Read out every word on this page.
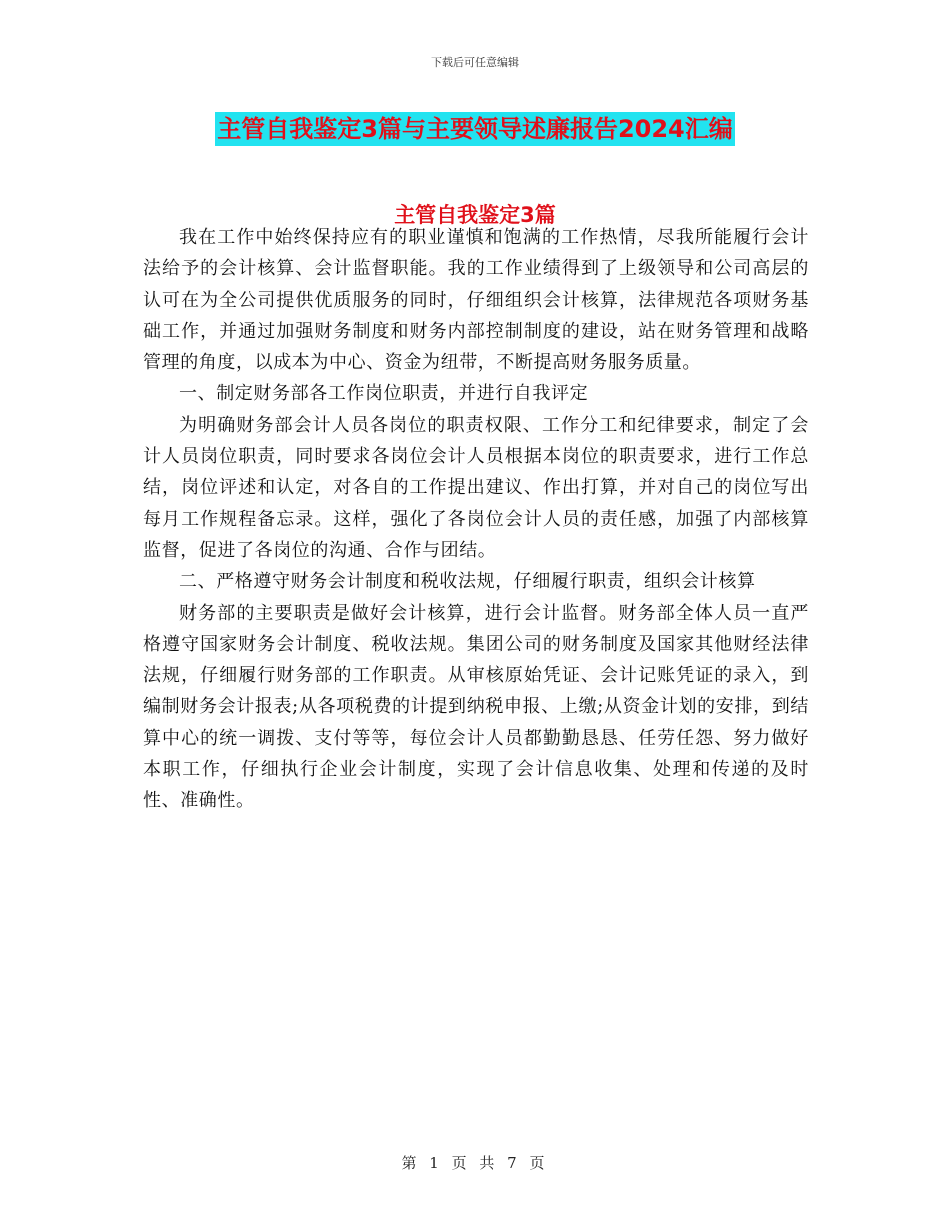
下载后可任意编辑
主管自我鉴定3篇与主要领导述廉报告2024汇编
主管自我鉴定3篇

我在工作中始终保持应有的职业谨慎和饱满的工作热情，尽我所能履行会计法给予的会计核算、会计监督职能。我的工作业绩得到了上级领导和公司高层的认可在为全公司提供优质服务的同时，仔细组织会计核算，法律规范各项财务基础工作，并通过加强财务制度和财务内部控制制度的建设，站在财务管理和战略管理的角度，以成本为中心、资金为纽带，不断提高财务服务质量。

一、制定财务部各工作岗位职责，并进行自我评定

为明确财务部会计人员各岗位的职责权限、工作分工和纪律要求，制定了会计人员岗位职责，同时要求各岗位会计人员根据本岗位的职责要求，进行工作总结，岗位评述和认定，对各自的工作提出建议、作出打算，并对自己的岗位写出每月工作规程备忘录。这样，强化了各岗位会计人员的责任感，加强了内部核算监督，促进了各岗位的沟通、合作与团结。

二、严格遵守财务会计制度和税收法规，仔细履行职责，组织会计核算

财务部的主要职责是做好会计核算，进行会计监督。财务部全体人员一直严格遵守国家财务会计制度、税收法规。集团公司的财务制度及国家其他财经法律法规，仔细履行财务部的工作职责。从审核原始凭证、会计记账凭证的录入，到编制财务会计报表;从各项税费的计提到纳税申报、上缴;从资金计划的安排，到结算中心的统一调拨、支付等等，每位会计人员都勤勤恳恳、任劳任怨、努力做好本职工作，仔细执行企业会计制度，实现了会计信息收集、处理和传递的及时性、准确性。

第 1 页 共 7 页
